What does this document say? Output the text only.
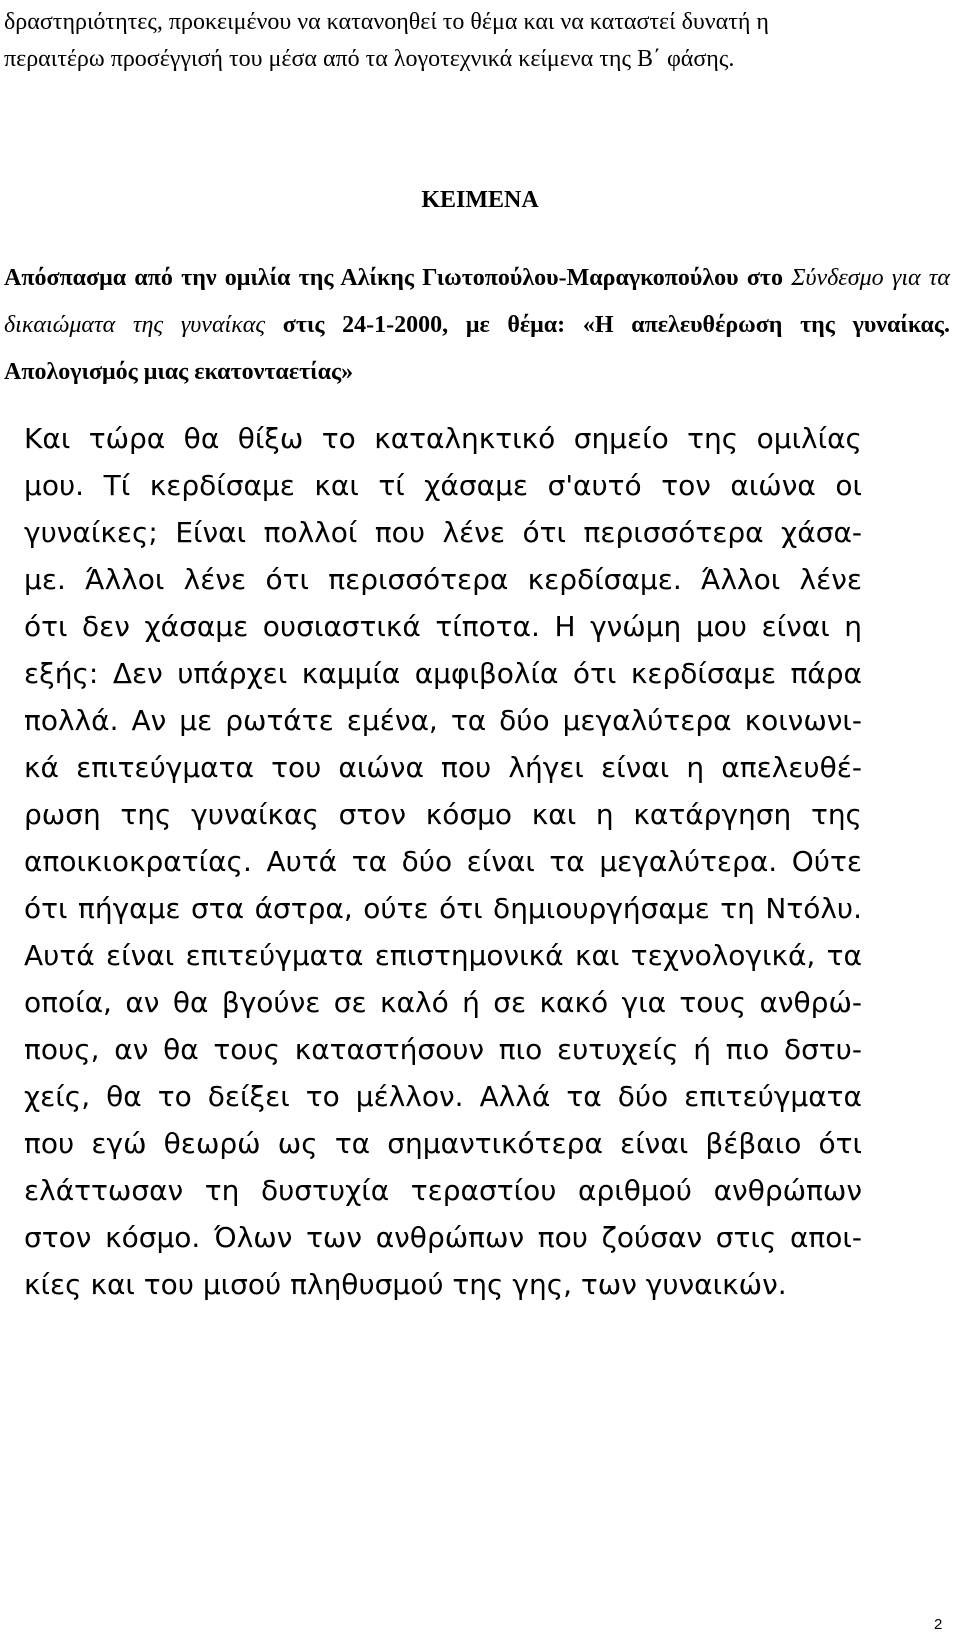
δραστηριότητες, προκειμένου να κατανοηθεί το θέμα και να καταστεί δυνατή η
περαιτέρω προσέγγισή του μέσα από τα λογοτεχνικά κείμενα της Β΄ φάσης.
ΚΕΙΜΕΝΑ

Απόσπασμα από την ομιλία της Αλίκης Γιωτοπούλου-Μαραγκοπούλου στο Σύνδεσμο για τα δικαιώματα της γυναίκας στις 24-1-2000, με θέμα: «Η απελευθέρωση της γυναίκας. Απολογισμός μιας εκατονταετίας»

Και τώρα θα θίξω το καταληκτικό σημείο της ομιλίας
μου. Τί κερδίσαμε και τί χάσαμε σ'αυτό τον αιώνα οι
γυναίκες; Είναι πολλοί που λένε ότι περισσότερα χάσα-
με. Άλλοι λένε ότι περισσότερα κερδίσαμε. Άλλοι λένε
ότι δεν χάσαμε ουσιαστικά τίποτα. Η γνώμη μου είναι η
εξής: Δεν υπάρχει καμμία αμφιβολία ότι κερδίσαμε πάρα
πολλά. Αν με ρωτάτε εμένα, τα δύο μεγαλύτερα κοινωνι-
κά επιτεύγματα του αιώνα που λήγει είναι η απελευθέ-
ρωση της γυναίκας στον κόσμο και η κατάργηση της
αποικιοκρατίας. Αυτά τα δύο είναι τα μεγαλύτερα. Ούτε
ότι πήγαμε στα άστρα, ούτε ότι δημιουργήσαμε τη Ντόλυ.
Αυτά είναι επιτεύγματα επιστημονικά και τεχνολογικά, τα
οποία, αν θα βγούνε σε καλό ή σε κακό για τους ανθρώ-
πους, αν θα τους καταστήσουν πιο ευτυχείς ή πιο δστυ-
χείς, θα το δείξει το μέλλον. Αλλά τα δύο επιτεύγματα
που εγώ θεωρώ ως τα σημαντικότερα είναι βέβαιο ότι
ελάττωσαν τη δυστυχία τεραστίου αριθμού ανθρώπων
στον κόσμο. Όλων των ανθρώπων που ζούσαν στις αποι-
κίες και του μισού πληθυσμού της γης, των γυναικών.
2
